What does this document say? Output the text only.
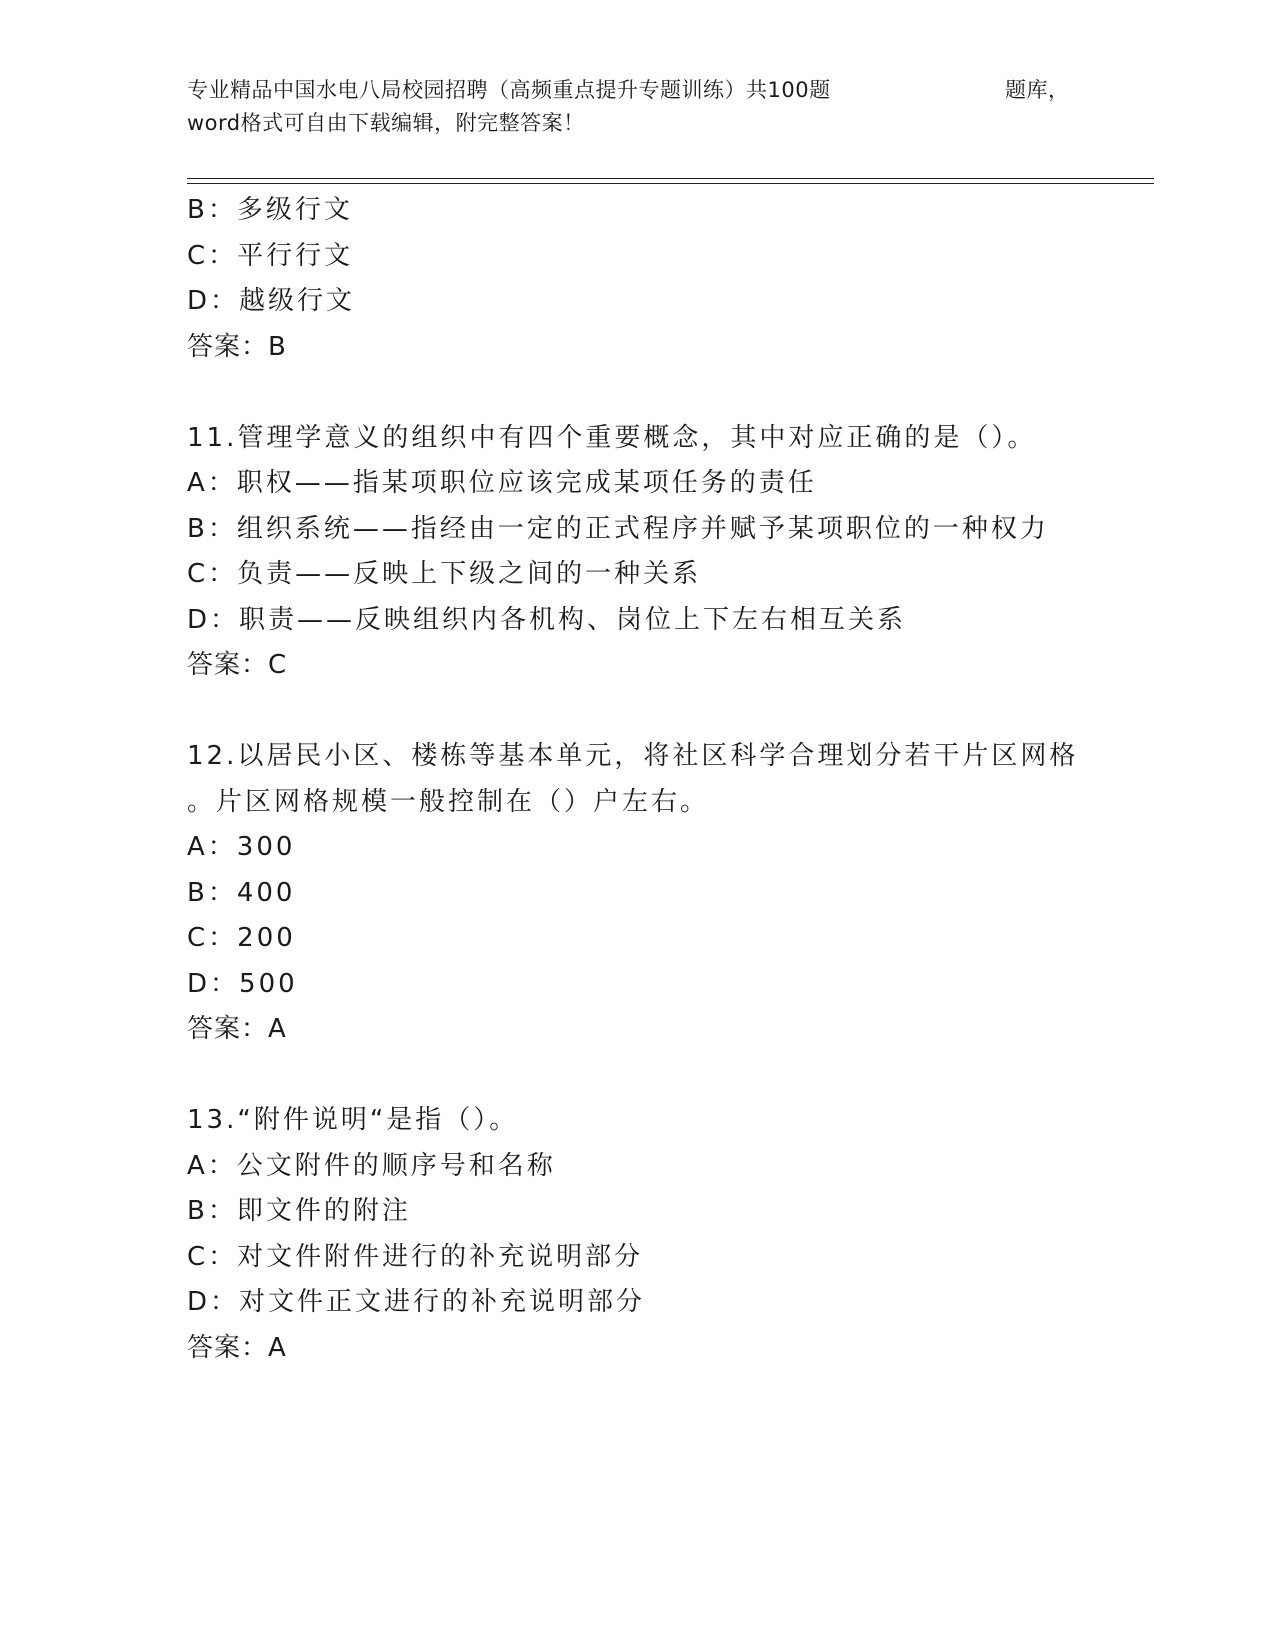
专业精品中国水电八局校园招聘（高频重点提升专题训练）共100题	题库，
word格式可自由下载编辑，附完整答案！
B：多级行文
C：平行行文
D：越级行文
答案：B
11.管理学意义的组织中有四个重要概念，其中对应正确的是（）。
A：职权——指某项职位应该完成某项任务的责任
B：组织系统——指经由一定的正式程序并赋予某项职位的一种权力
C：负责——反映上下级之间的一种关系
D：职责——反映组织内各机构、岗位上下左右相互关系
答案：C
12.以居民小区、楼栋等基本单元，将社区科学合理划分若干片区网格
。片区网格规模一般控制在（）户左右。
A：300
B：400
C：200
D：500
答案：A
13.“附件说明“是指（）。
A：公文附件的顺序号和名称
B：即文件的附注
C：对文件附件进行的补充说明部分
D：对文件正文进行的补充说明部分
答案：A
